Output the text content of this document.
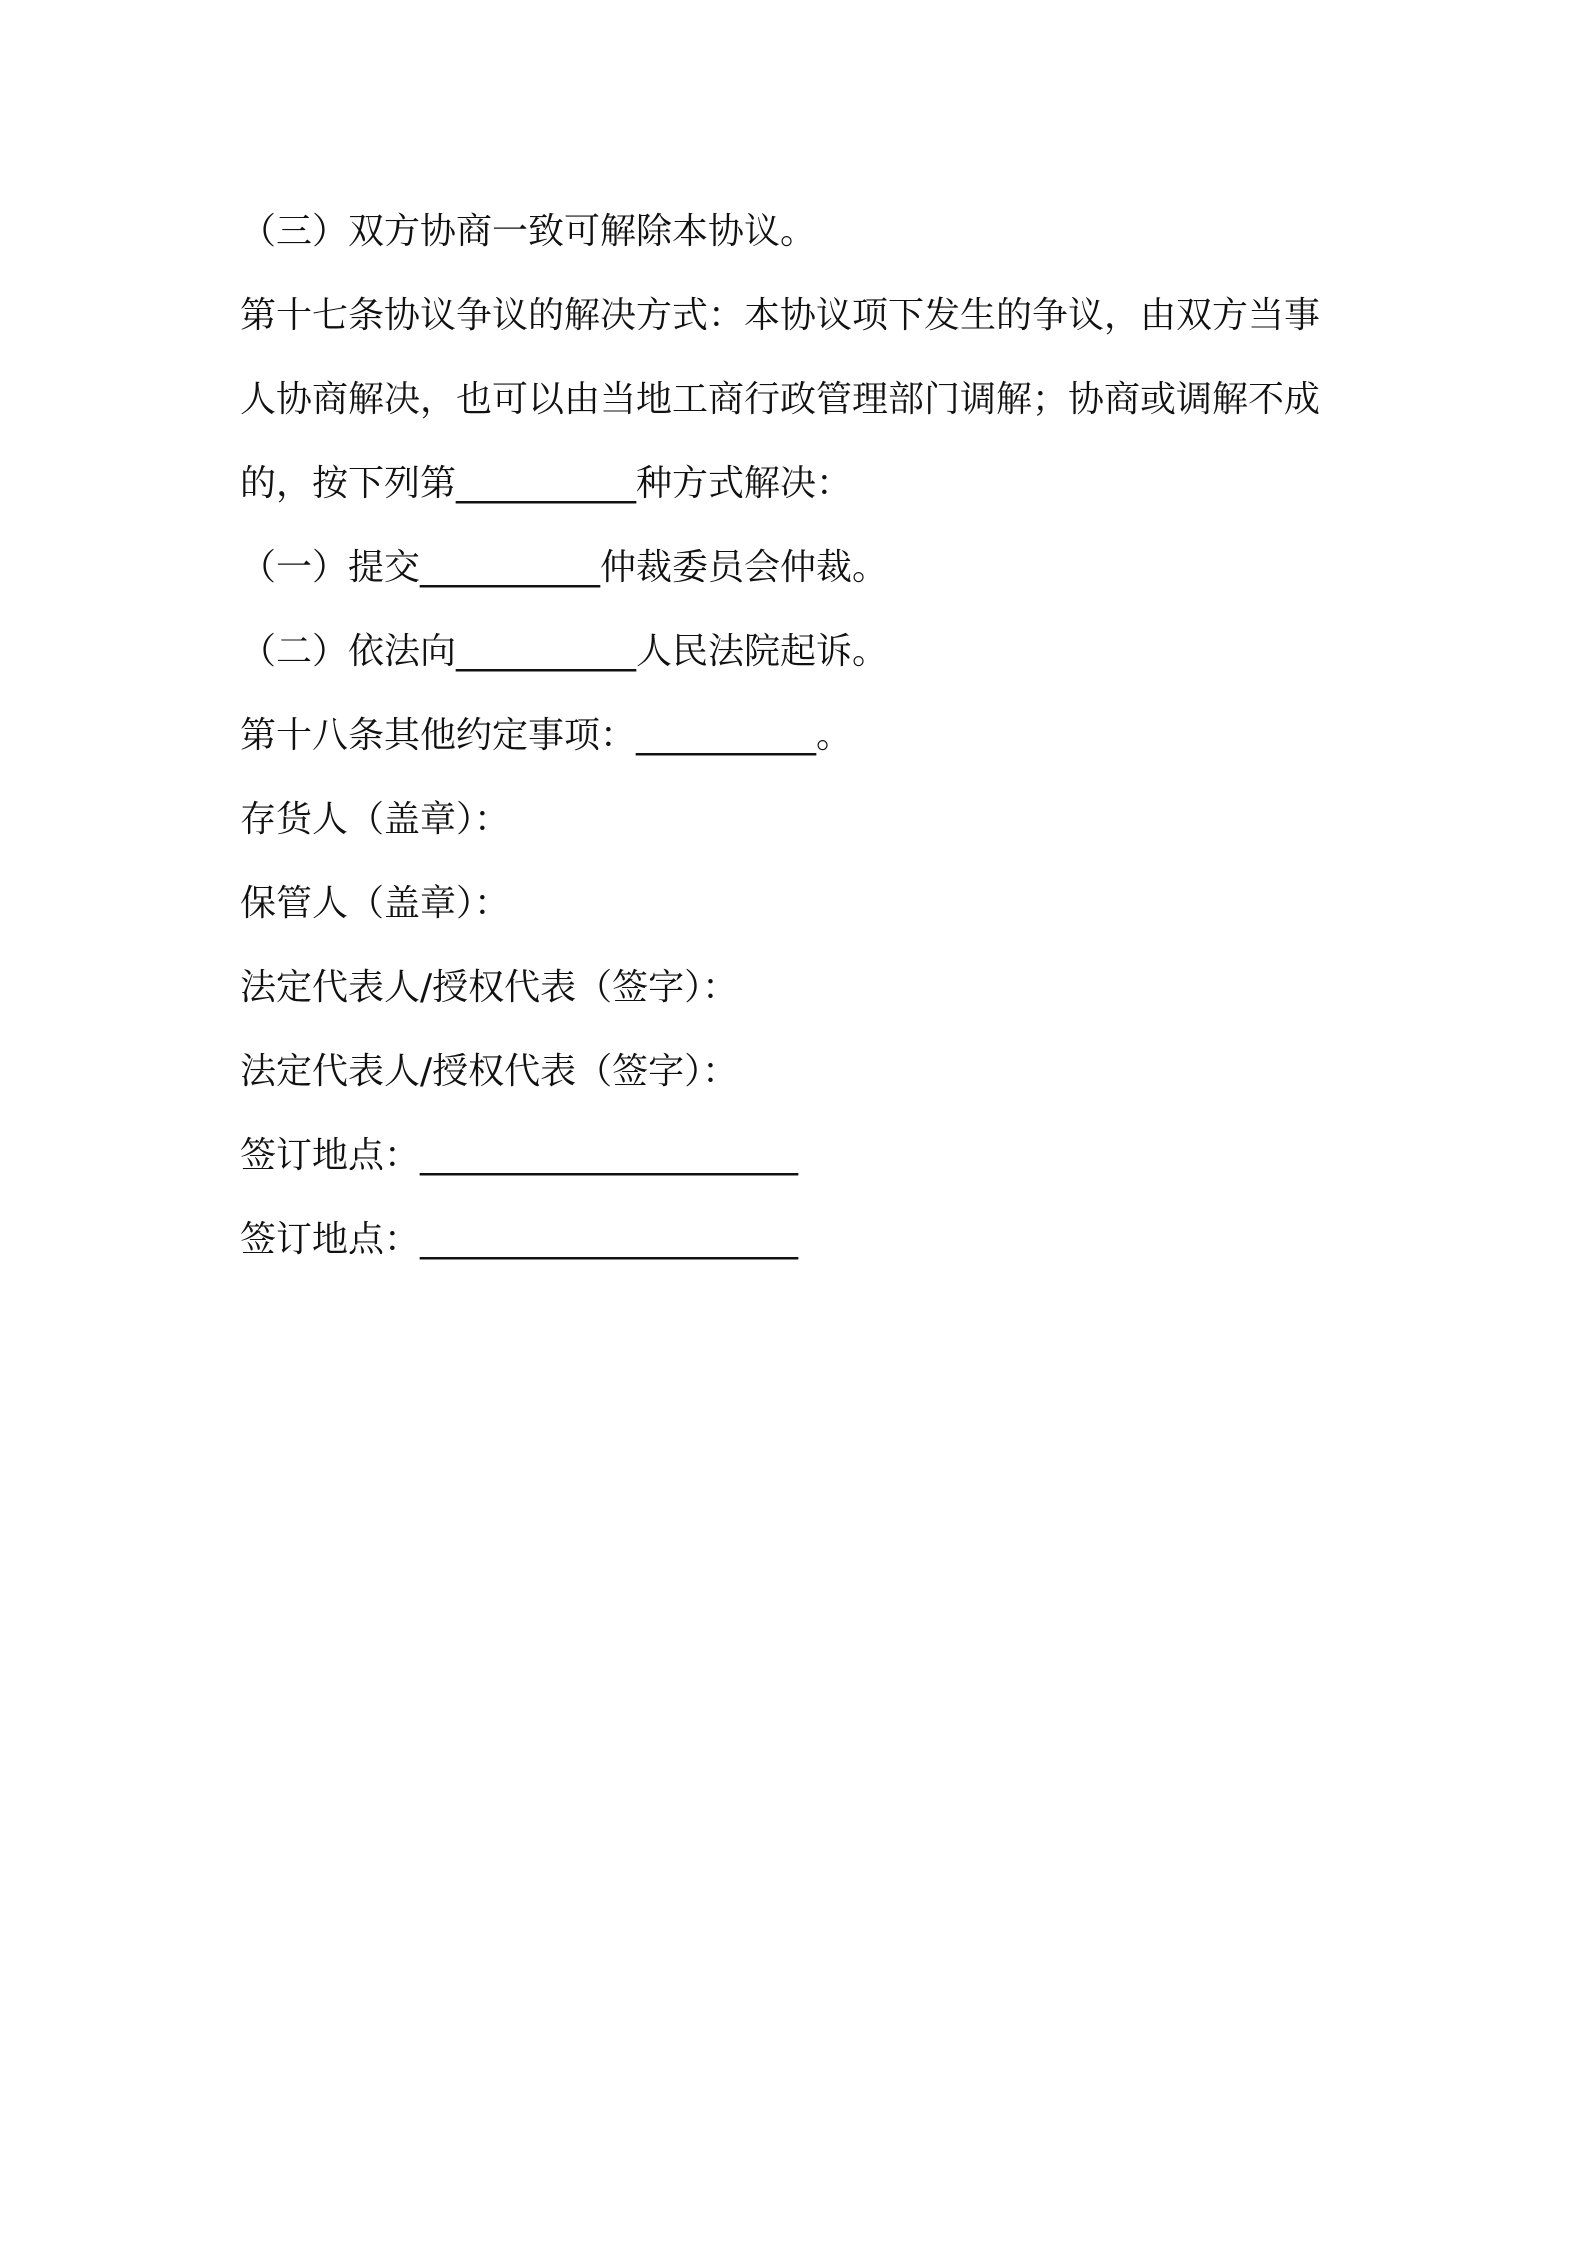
（三）双方协商一致可解除本协议。
第十七条协议争议的解决方式：本协议项下发生的争议，由双方当事
人协商解决，也可以由当地工商行政管理部门调解；协商或调解不成
的，按下列第__________种方式解决：
（一）提交__________仲裁委员会仲裁。
（二）依法向__________人民法院起诉。
第十八条其他约定事项：__________。
存货人（盖章）：
保管人（盖章）：
法定代表人/授权代表（签字）：
法定代表人/授权代表（签字）：
签订地点：_____________________
签订地点：_____________________
